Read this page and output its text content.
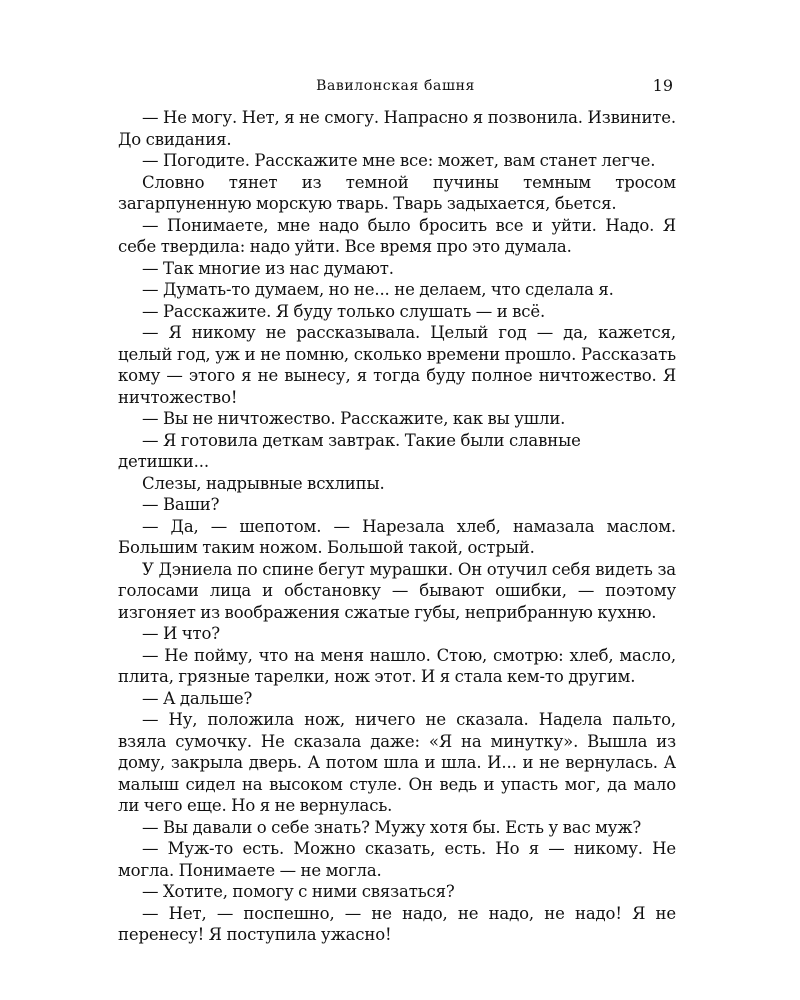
Вавилонская башня	19

— Не могу. Нет, я не смогу. Напрасно я позвонила. Извините. До свидания.

— Погодите. Расскажите мне все: может, вам станет легче.

Словно тянет из темной пучины темным тросом загарпуненную морскую тварь. Тварь задыхается, бьется.

— Понимаете, мне надо было бросить все и уйти. Надо. Я себе твердила: надо уйти. Все время про это думала.

— Так многие из нас думают.

— Думать-то думаем, но не... не делаем, что сделала я.

— Расскажите. Я буду только слушать — и всё.

— Я никому не рассказывала. Целый год — да, кажется, целый год, уж и не помню, сколько времени прошло. Рассказать кому — этого я не вынесу, я тогда буду полное ничтожество. Я ничтожество!

— Вы не ничтожество. Расскажите, как вы ушли.

— Я готовила деткам завтрак. Такие были славные детишки...

Слезы, надрывные всхлипы.

— Ваши?

— Да, — шепотом. — Нарезала хлеб, намазала маслом. Большим таким ножом. Большой такой, острый.

У Дэниела по спине бегут мурашки. Он отучил себя видеть за голосами лица и обстановку — бывают ошибки, — поэтому изгоняет из воображения сжатые губы, неприбранную кухню.

— И что?

— Не пойму, что на меня нашло. Стою, смотрю: хлеб, масло, плита, грязные тарелки, нож этот. И я стала кем-то другим.

— А дальше?

— Ну, положила нож, ничего не сказала. Надела пальто, взяла сумочку. Не сказала даже: «Я на минутку». Вышла из дому, закрыла дверь. А потом шла и шла. И... и не вернулась. А малыш сидел на высоком стуле. Он ведь и упасть мог, да мало ли чего еще. Но я не вернулась.

— Вы давали о себе знать? Мужу хотя бы. Есть у вас муж?

— Муж-то есть. Можно сказать, есть. Но я — никому. Не могла. Понимаете — не могла.

— Хотите, помогу с ними связаться?

— Нет, — поспешно, — не надо, не надо, не надо! Я не перенесу! Я поступила ужасно!
